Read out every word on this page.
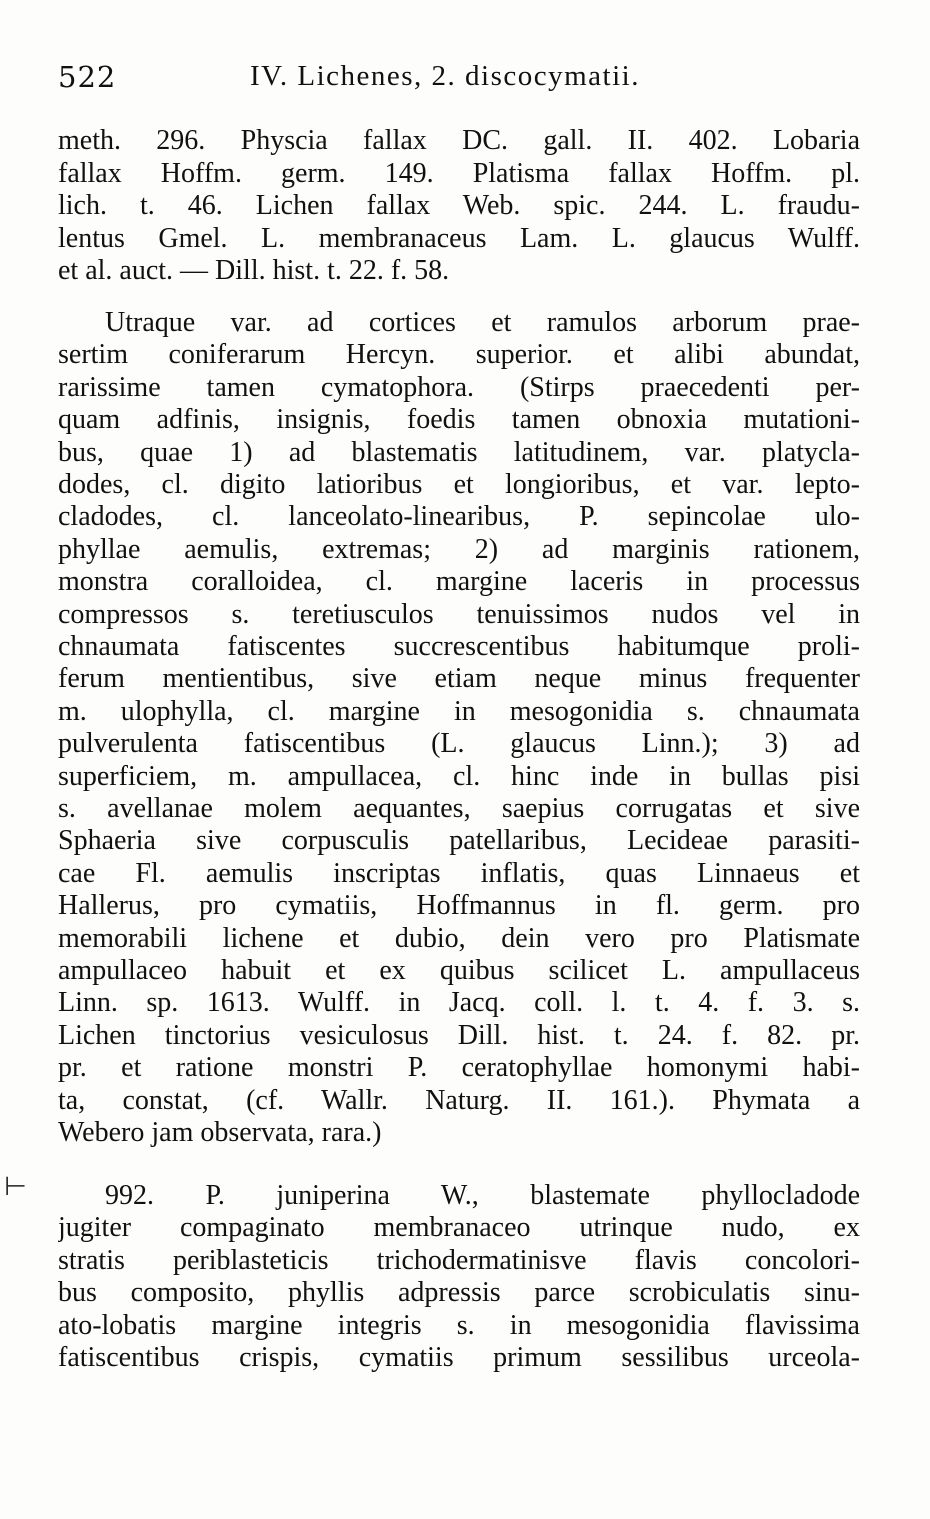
522	IV. Lichenes, 2. discocymatii.
⊢
meth. 296. Physcia fallax DC. gall. II. 402. Lobaria
fallax Hoffm. germ. 149. Platisma fallax Hoffm. pl.
lich. t. 46. Lichen fallax Web. spic. 244. L. fraudu-
lentus Gmel. L. membranaceus Lam. L. glaucus Wulff.
et al. auct. — Dill. hist. t. 22. f. 58.
Utraque var. ad cortices et ramulos arborum prae-
sertim coniferarum Hercyn. superior. et alibi abundat,
rarissime tamen cymatophora. (Stirps praecedenti per-
quam adfinis, insignis, foedis tamen obnoxia mutationi-
bus, quae 1) ad blastematis latitudinem, var. platycla-
dodes, cl. digito latioribus et longioribus, et var. lepto-
cladodes, cl. lanceolato-linearibus, P. sepincolae ulo-
phyllae aemulis, extremas; 2) ad marginis rationem,
monstra coralloidea, cl. margine laceris in processus
compressos s. teretiusculos tenuissimos nudos vel in
chnaumata fatiscentes succrescentibus habitumque proli-
ferum mentientibus, sive etiam neque minus frequenter
m. ulophylla, cl. margine in mesogonidia s. chnaumata
pulverulenta fatiscentibus (L. glaucus Linn.); 3) ad
superficiem, m. ampullacea, cl. hinc inde in bullas pisi
s. avellanae molem aequantes, saepius corrugatas et sive
Sphaeria sive corpusculis patellaribus, Lecideae parasiti-
cae Fl. aemulis inscriptas inflatis, quas Linnaeus et
Hallerus, pro cymatiis, Hoffmannus in fl. germ. pro
memorabili lichene et dubio, dein vero pro Platismate
ampullaceo habuit et ex quibus scilicet L. ampullaceus
Linn. sp. 1613. Wulff. in Jacq. coll. l. t. 4. f. 3. s.
Lichen tinctorius vesiculosus Dill. hist. t. 24. f. 82. pr.
pr. et ratione monstri P. ceratophyllae homonymi habi-
ta, constat, (cf. Wallr. Naturg. II. 161.). Phymata a
Webero jam observata, rara.)
992. P. juniperina W., blastemate phyllocladode
jugiter compaginato membranaceo utrinque nudo, ex
stratis periblasteticis trichodermatinisve flavis concolori-
bus composito, phyllis adpressis parce scrobiculatis sinu-
ato-lobatis margine integris s. in mesogonidia flavissima
fatiscentibus crispis, cymatiis primum sessilibus urceola-
